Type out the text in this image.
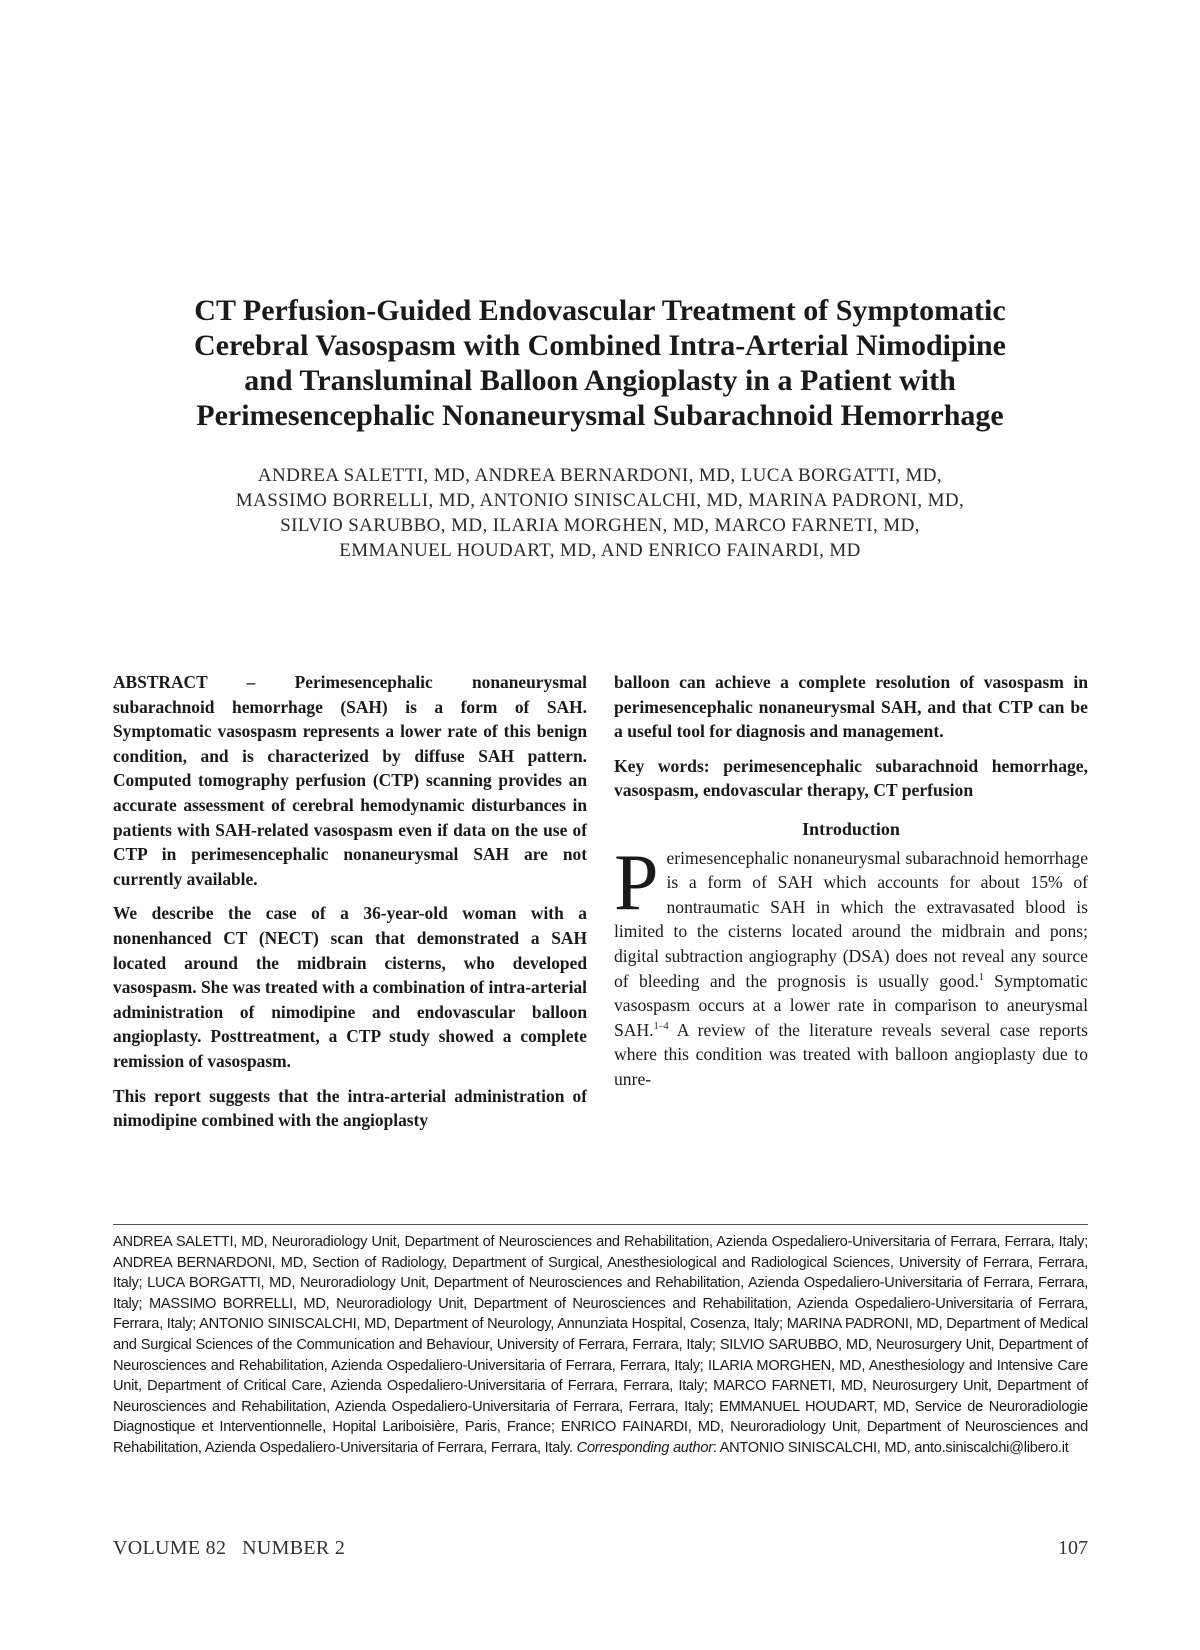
CT Perfusion-Guided Endovascular Treatment of Symptomatic
Cerebral Vasospasm with Combined Intra-Arterial Nimodipine
and Transluminal Balloon Angioplasty in a Patient with
Perimesencephalic Nonaneurysmal Subarachnoid Hemorrhage
ANDREA SALETTI, MD, ANDREA BERNARDONI, MD, LUCA BORGATTI, MD,
MASSIMO BORRELLI, MD, ANTONIO SINISCALCHI, MD, MARINA PADRONI, MD,
SILVIO SARUBBO, MD, ILARIA MORGHEN, MD, MARCO FARNETI, MD,
EMMANUEL HOUDART, MD, AND ENRICO FAINARDI, MD

ABSTRACT – Perimesencephalic nonaneurysmal subarachnoid hemorrhage (SAH) is a form of SAH. Symptomatic vasospasm represents a lower rate of this benign condition, and is characterized by diffuse SAH pattern. Computed tomography perfusion (CTP) scanning provides an accurate assessment of cerebral hemodynamic disturbances in patients with SAH-related vasospasm even if data on the use of CTP in perimesencephalic nonaneurysmal SAH are not currently available.

We describe the case of a 36-year-old woman with a nonenhanced CT (NECT) scan that demonstrated a SAH located around the midbrain cisterns, who developed vasospasm. She was treated with a combination of intra-arterial administration of nimodipine and endovascular balloon angioplasty. Posttreatment, a CTP study showed a complete remission of vasospasm.

This report suggests that the intra-arterial administration of nimodipine combined with the angioplasty

balloon can achieve a complete resolution of vasospasm in perimesencephalic nonaneurysmal SAH, and that CTP can be a useful tool for diagnosis and management.

Key words: perimesencephalic subarachnoid hemorrhage, vasospasm, endovascular therapy, CT perfusion

Introduction

Perimesencephalic nonaneurysmal subarachnoid hemorrhage is a form of SAH which accounts for about 15% of nontraumatic SAH in which the extravasated blood is limited to the cisterns located around the midbrain and pons; digital subtraction angiography (DSA) does not reveal any source of bleeding and the prognosis is usually good.$^1$ Symptomatic vasospasm occurs at a lower rate in comparison to aneurysmal SAH.$^{1-4}$ A review of the literature reveals several case reports where this condition was treated with balloon angioplasty due to unre-

ANDREA SALETTI, MD, Neuroradiology Unit, Department of Neurosciences and Rehabilitation, Azienda Ospedaliero-Universitaria of Ferrara, Ferrara, Italy; ANDREA BERNARDONI, MD, Section of Radiology, Department of Surgical, Anesthesiological and Radiological Sciences, University of Ferrara, Ferrara, Italy; LUCA BORGATTI, MD, Neuroradiology Unit, Department of Neurosciences and Rehabilitation, Azienda Ospedaliero-Universitaria of Ferrara, Ferrara, Italy; MASSIMO BORRELLI, MD, Neuroradiology Unit, Department of Neurosciences and Rehabilitation, Azienda Ospedaliero-Universitaria of Ferrara, Ferrara, Italy; ANTONIO SINISCALCHI, MD, Department of Neurology, Annunziata Hospital, Cosenza, Italy; MARINA PADRONI, MD, Department of Medical and Surgical Sciences of the Communication and Behaviour, University of Ferrara, Ferrara, Italy; SILVIO SARUBBO, MD, Neurosurgery Unit, Department of Neurosciences and Rehabilitation, Azienda Ospedaliero-Universitaria of Ferrara, Ferrara, Italy; ILARIA MORGHEN, MD, Anesthesiology and Intensive Care Unit, Department of Critical Care, Azienda Ospedaliero-Universitaria of Ferrara, Ferrara, Italy; MARCO FARNETI, MD, Neurosurgery Unit, Department of Neurosciences and Rehabilitation, Azienda Ospedaliero-Universitaria of Ferrara, Ferrara, Italy; EMMANUEL HOUDART, MD, Service de Neuroradiologie Diagnostique et Interventionnelle, Hopital Lariboisière, Paris, France; ENRICO FAINARDI, MD, Neuroradiology Unit, Department of Neurosciences and Rehabilitation, Azienda Ospedaliero-Universitaria of Ferrara, Ferrara, Italy. Corresponding author: ANTONIO SINISCALCHI, MD, anto.siniscalchi@libero.it
VOLUME 82   NUMBER 2	107
